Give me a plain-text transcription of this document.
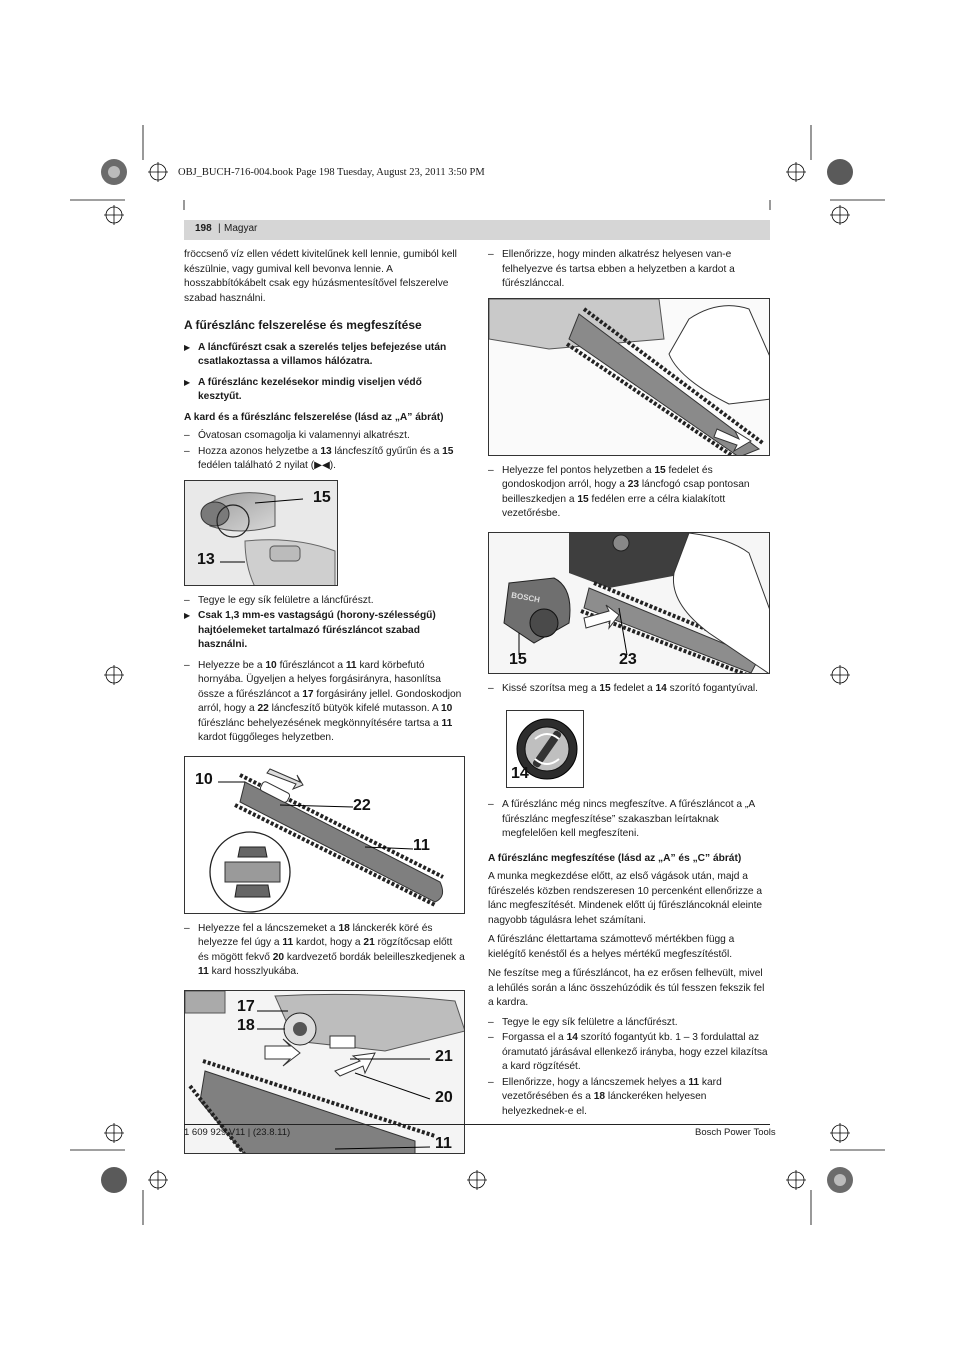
OBJ_BUCH-716-004.book Page 198 Tuesday, August 23, 2011 3:50 PM
198 | Magyar

fröccsenő víz ellen védett kivitelűnek kell lennie, gumiból kell készülnie, vagy gumival kell bevonva lennie. A hosszabbítókábelt csak egy húzásmentesítővel felszerelve szabad használni.

A fűrészlánc felszerelése és megfeszítése
▶ A láncfűrészt csak a szerelés teljes befejezése után csatlakoztassa a villamos hálózatra.
▶ A fűrészlánc kezelésekor mindig viseljen védő kesztyűt.
A kard és a fűrészlánc felszerelése (lásd az „A” ábrát)
– Óvatosan csomagolja ki valamennyi alkatrészt.
– Hozza azonos helyzetbe a 13 láncfeszítő gyűrűn és a 15 fedélen található 2 nyilat (▶◀).
15
13
– Tegye le egy sík felületre a láncfűrészt.
▶ Csak 1,3 mm-es vastagságú (horony-szélességű) hajtóelemeket tartalmazó fűrészláncot szabad használni.
– Helyezze be a 10 fűrészláncot a 11 kard körbefutó hornyába. Ügyeljen a helyes forgásirányra, hasonlítsa össze a fűrészláncot a 17 forgásirány jellel. Gondoskodjon arról, hogy a 22 láncfeszítő bütyök kifelé mutasson. A 10 fűrészlánc behelyezésének megkönnyítésére tartsa a 11 kardot függőleges helyzetben.
10
22
11
– Helyezze fel a láncszemeket a 18 lánckerék köré és helyezze fel úgy a 11 kardot, hogy a 21 rögzítőcsap előtt és mögött fekvő 20 kardvezető bordák beleilleszkedjenek a 11 kard hosszlyukába.
17
18
21
20
11
– Ellenőrizze, hogy minden alkatrész helyesen van-e felhelyezve és tartsa ebben a helyzetben a kardot a fűrészlánccal.
– Helyezze fel pontos helyzetben a 15 fedelet és gondoskodjon arról, hogy a 23 láncfogó csap pontosan beilleszkedjen a 15 fedélen erre a célra kialakított vezetőrésbe.
BOSCH
15	23
– Kissé szorítsa meg a 15 fedelet a 14 szorító fogantyúval.
14
– A fűrészlánc még nincs megfeszítve. A fűrészláncot a „A fűrészlánc megfeszítése” szakaszban leírtaknak megfelelően kell megfeszíteni.
A fűrészlánc megfeszítése (lásd az „A” és „C” ábrát)

A munka megkezdése előtt, az első vágások után, majd a fűrészelés közben rendszeresen 10 percenként ellenőrizze a lánc megfeszítését. Mindenek előtt új fűrészláncoknál eleinte nagyobb tágulásra lehet számítani.

A fűrészlánc élettartama számottevő mértékben függ a kielégítő kenéstől és a helyes mértékű megfeszítéstől.

Ne feszítse meg a fűrészláncot, ha ez erősen felhevült, mivel a lehűlés során a lánc összehúzódik és túl fesszen fekszik fel a kardra.

– Tegye le egy sík felületre a láncfűrészt.
– Forgassa el a 14 szorító fogantyút kb. 1 – 3 fordulattal az óramutató járásával ellenkező irányba, hogy ezzel kilazítsa a kard rögzítését.
– Ellenőrizze, hogy a láncszemek helyes a 11 kard vezetőrésében és a 18 lánckeréken helyesen helyezkednek-e el.
1 609 929 V11 | (23.8.11)	Bosch Power Tools
